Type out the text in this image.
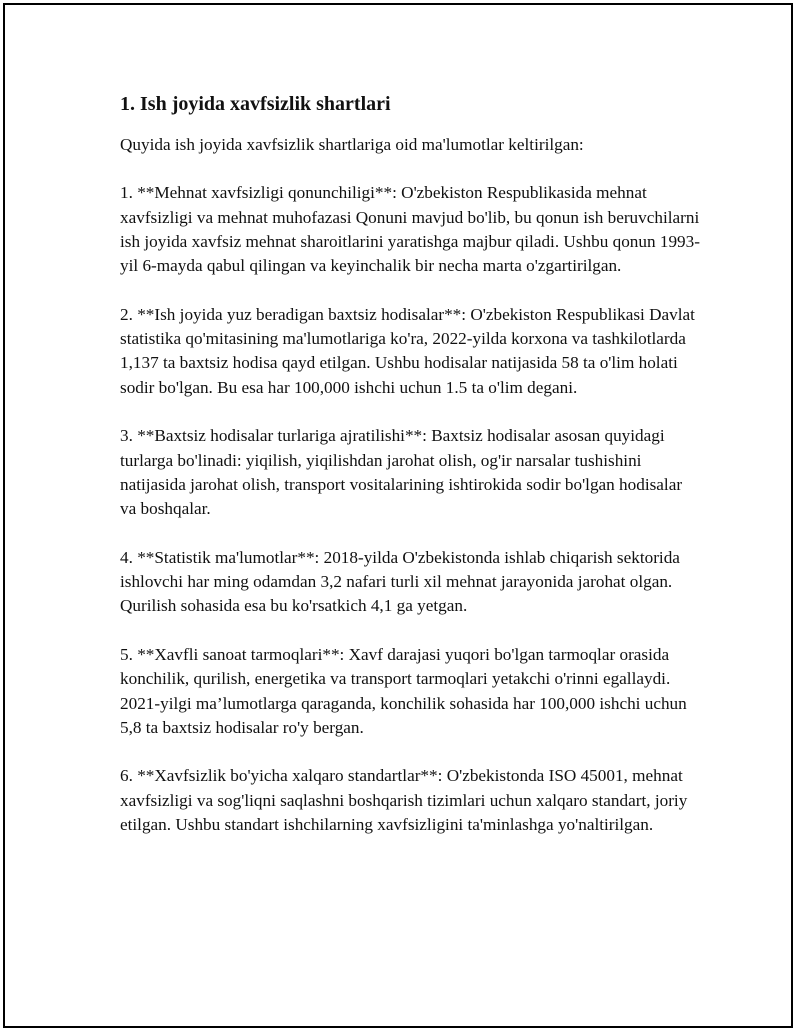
1. Ish joyida xavfsizlik shartlari

Quyida ish joyida xavfsizlik shartlariga oid ma'lumotlar keltirilgan:

1. **Mehnat xavfsizligi qonunchiligi**: O'zbekiston Respublikasida mehnat xavfsizligi va mehnat muhofazasi Qonuni mavjud bo'lib, bu qonun ish beruvchilarni ish joyida xavfsiz mehnat sharoitlarini yaratishga majbur qiladi. Ushbu qonun 1993-yil 6-mayda qabul qilingan va keyinchalik bir necha marta o'zgartirilgan.

2. **Ish joyida yuz beradigan baxtsiz hodisalar**: O'zbekiston Respublikasi Davlat statistika qo'mitasining ma'lumotlariga ko'ra, 2022-yilda korxona va tashkilotlarda 1,137 ta baxtsiz hodisa qayd etilgan. Ushbu hodisalar natijasida 58 ta o'lim holati sodir bo'lgan. Bu esa har 100,000 ishchi uchun 1.5 ta o'lim degani.

3. **Baxtsiz hodisalar turlariga ajratilishi**: Baxtsiz hodisalar asosan quyidagi turlarga bo'linadi: yiqilish, yiqilishdan jarohat olish, og'ir narsalar tushishini natijasida jarohat olish, transport vositalarining ishtirokida sodir bo'lgan hodisalar va boshqalar.

4. **Statistik ma'lumotlar**: 2018-yilda O'zbekistonda ishlab chiqarish sektorida ishlovchi har ming odamdan 3,2 nafari turli xil mehnat jarayonida jarohat olgan. Qurilish sohasida esa bu ko'rsatkich 4,1 ga yetgan.

5. **Xavfli sanoat tarmoqlari**: Xavf darajasi yuqori bo'lgan tarmoqlar orasida konchilik, qurilish, energetika va transport tarmoqlari yetakchi o'rinni egallaydi. 2021-yilgi ma’lumotlarga qaraganda, konchilik sohasida har 100,000 ishchi uchun 5,8 ta baxtsiz hodisalar ro'y bergan.

6. **Xavfsizlik bo'yicha xalqaro standartlar**: O'zbekistonda ISO 45001, mehnat xavfsizligi va sog'liqni saqlashni boshqarish tizimlari uchun xalqaro standart, joriy etilgan. Ushbu standart ishchilarning xavfsizligini ta'minlashga yo'naltirilgan.
